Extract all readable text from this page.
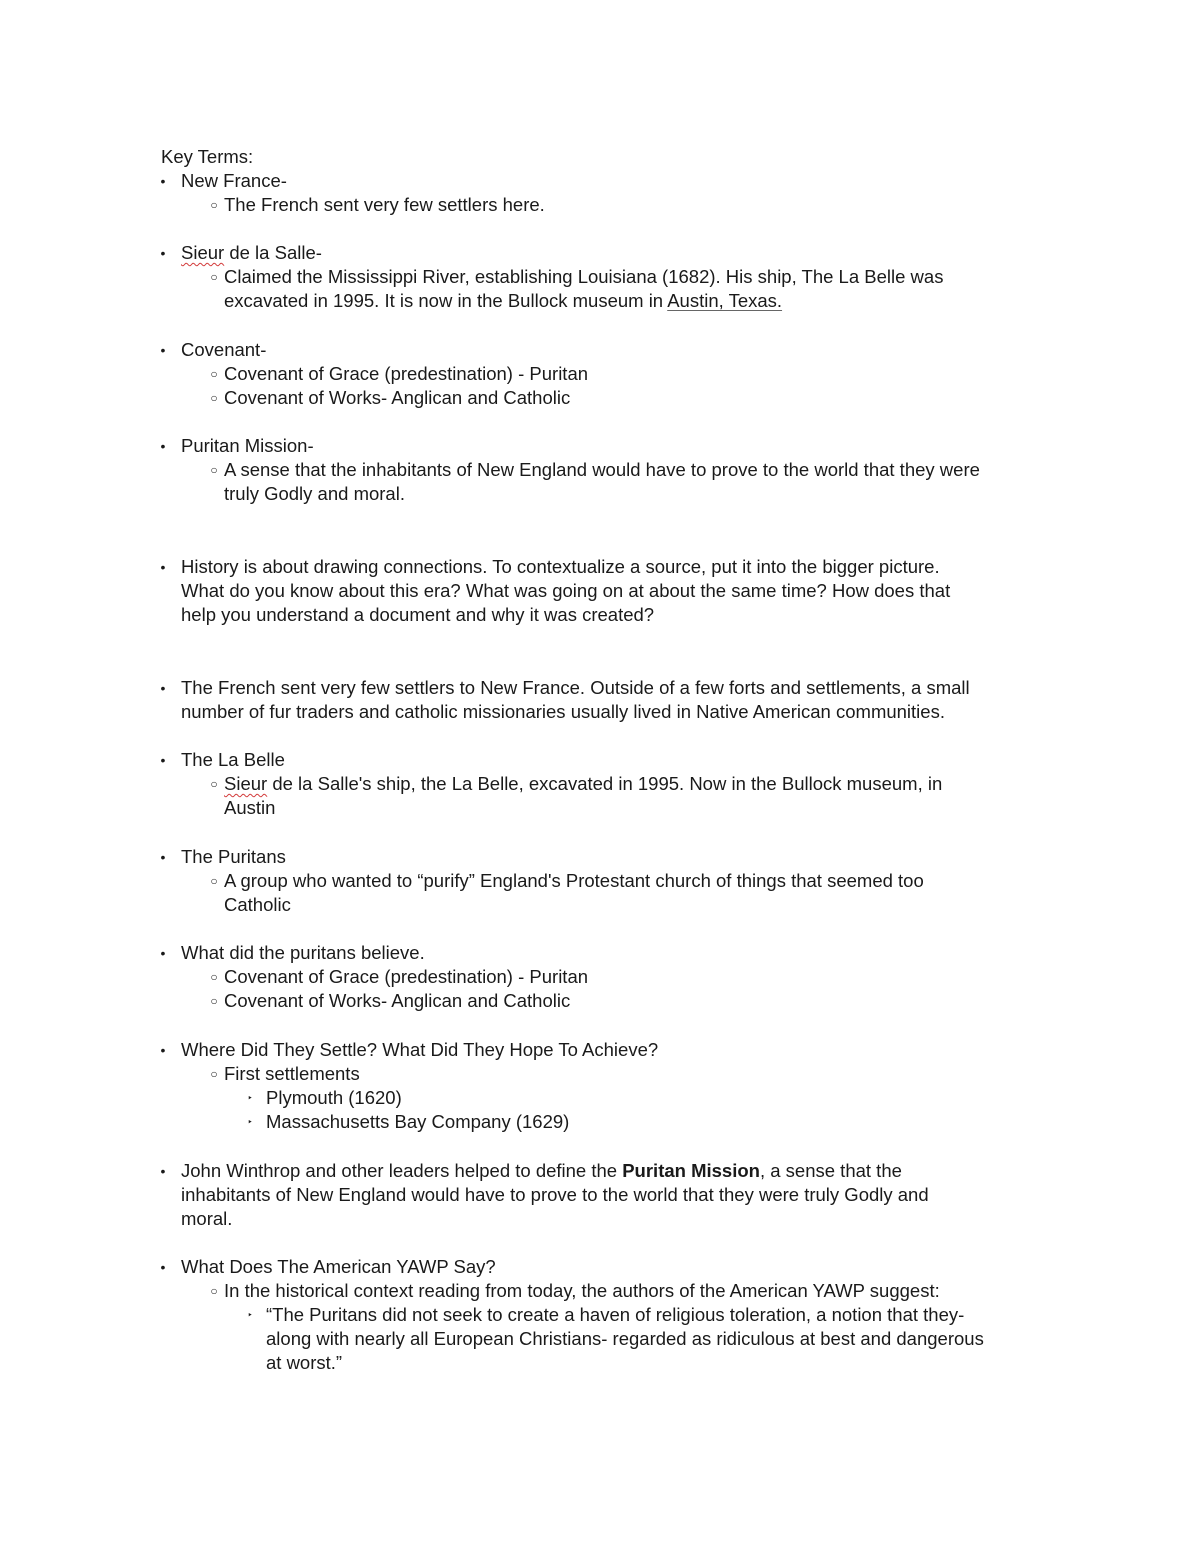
Key Terms:
• New France-
○ The French sent very few settlers here.
• Sieur de la Salle-
○ Claimed the Mississippi River, establishing Louisiana (1682). His ship, The La Belle was
excavated in 1995. It is now in the Bullock museum in Austin, Texas.
• Covenant-
○ Covenant of Grace (predestination) - Puritan
○ Covenant of Works- Anglican and Catholic
• Puritan Mission-
○ A sense that the inhabitants of New England would have to prove to the world that they were
truly Godly and moral.
• History is about drawing connections. To contextualize a source, put it into the bigger picture.
What do you know about this era? What was going on at about the same time? How does that
help you understand a document and why it was created?
• The French sent very few settlers to New France. Outside of a few forts and settlements, a small
number of fur traders and catholic missionaries usually lived in Native American communities.
• The La Belle
○ Sieur de la Salle's ship, the La Belle, excavated in 1995. Now in the Bullock museum, in
Austin
• The Puritans
○ A group who wanted to “purify” England's Protestant church of things that seemed too
Catholic
• What did the puritans believe.
○ Covenant of Grace (predestination) - Puritan
○ Covenant of Works- Anglican and Catholic
• Where Did They Settle? What Did They Hope To Achieve?
○ First settlements
‣ Plymouth (1620)
‣ Massachusetts Bay Company (1629)
• John Winthrop and other leaders helped to define the Puritan Mission, a sense that the
inhabitants of New England would have to prove to the world that they were truly Godly and
moral.
• What Does The American YAWP Say?
○ In the historical context reading from today, the authors of the American YAWP suggest:
‣ “The Puritans did not seek to create a haven of religious toleration, a notion that they-
along with nearly all European Christians- regarded as ridiculous at best and dangerous
at worst.”
